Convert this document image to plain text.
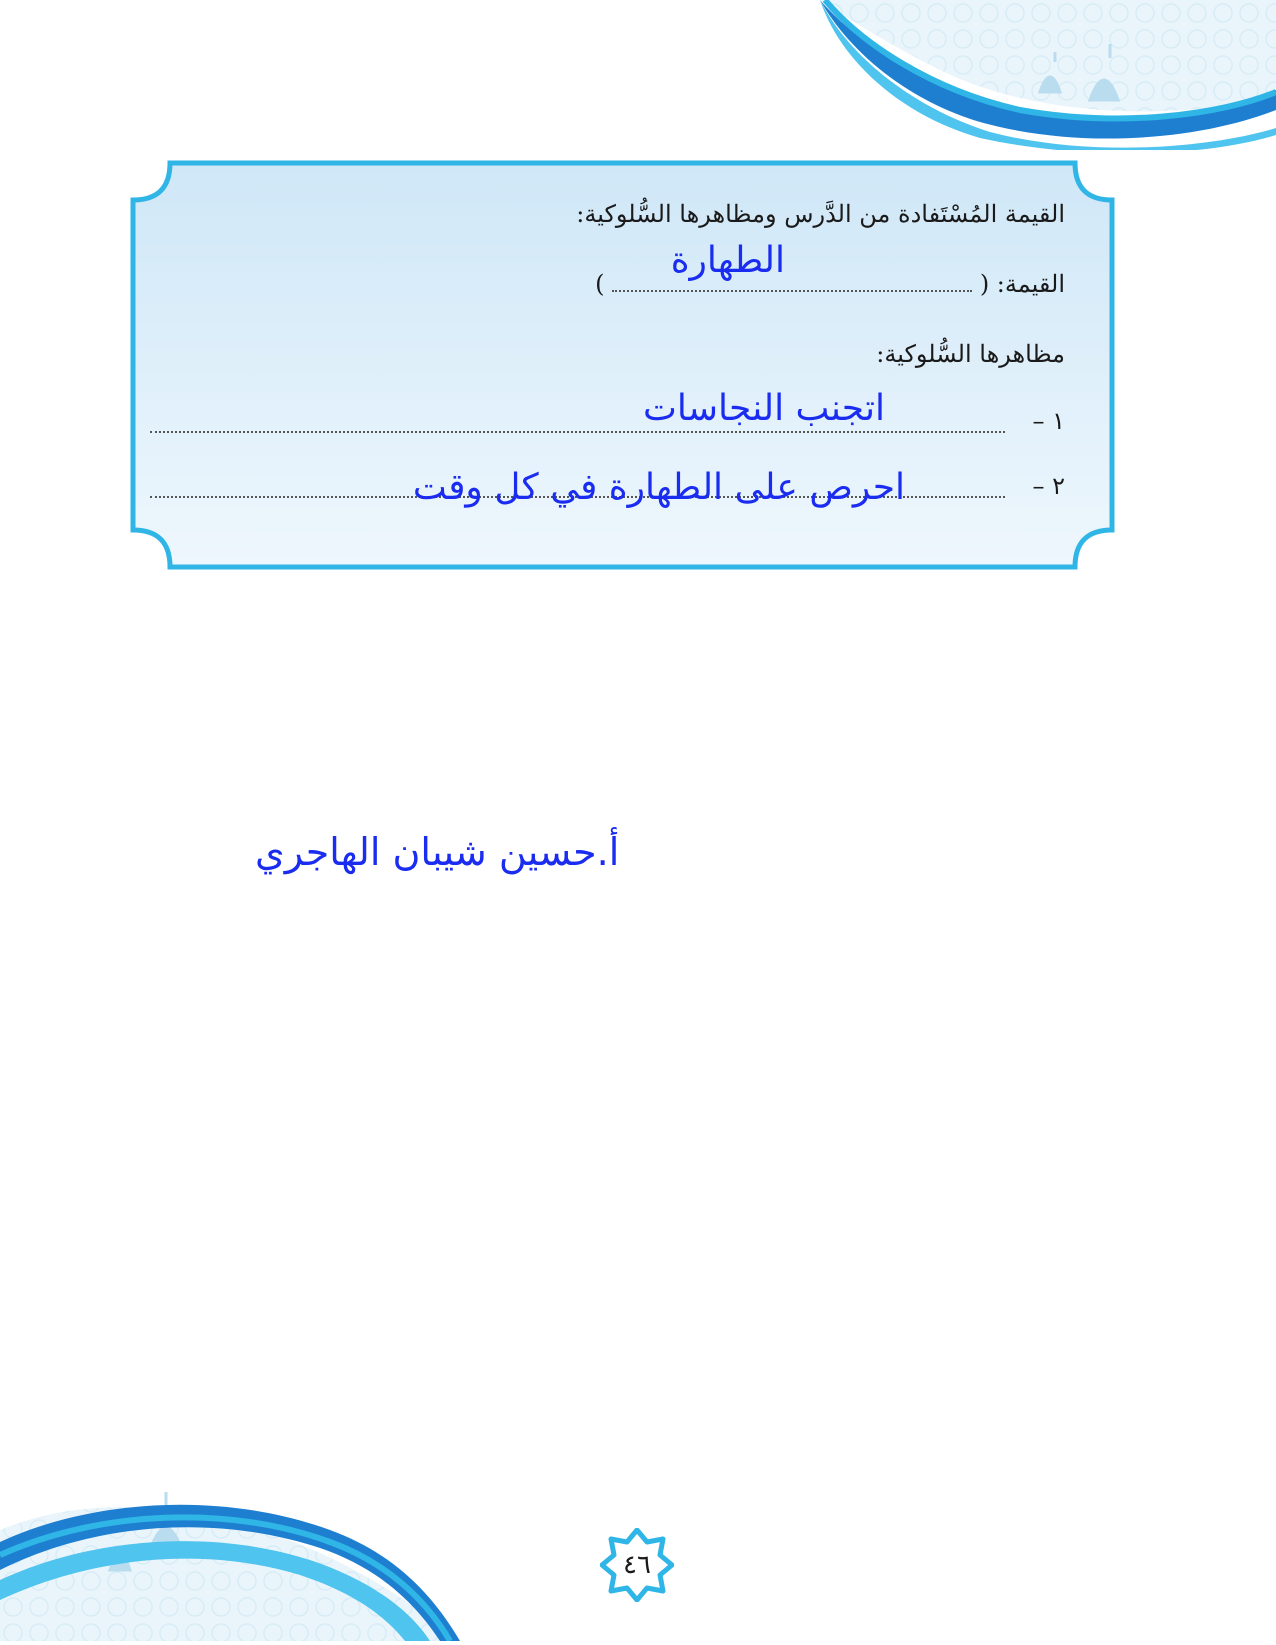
القيمة المُسْتَفادة من الدَّرس ومظاهرها السُّلوكية:
القيمة: (  )
الطهارة
مظاهرها السُّلوكية:
١ –
اتجنب النجاسات
٢ –
احرص على الطهارة في كل وقت
أ.حسين شيبان الهاجري
٤٦
